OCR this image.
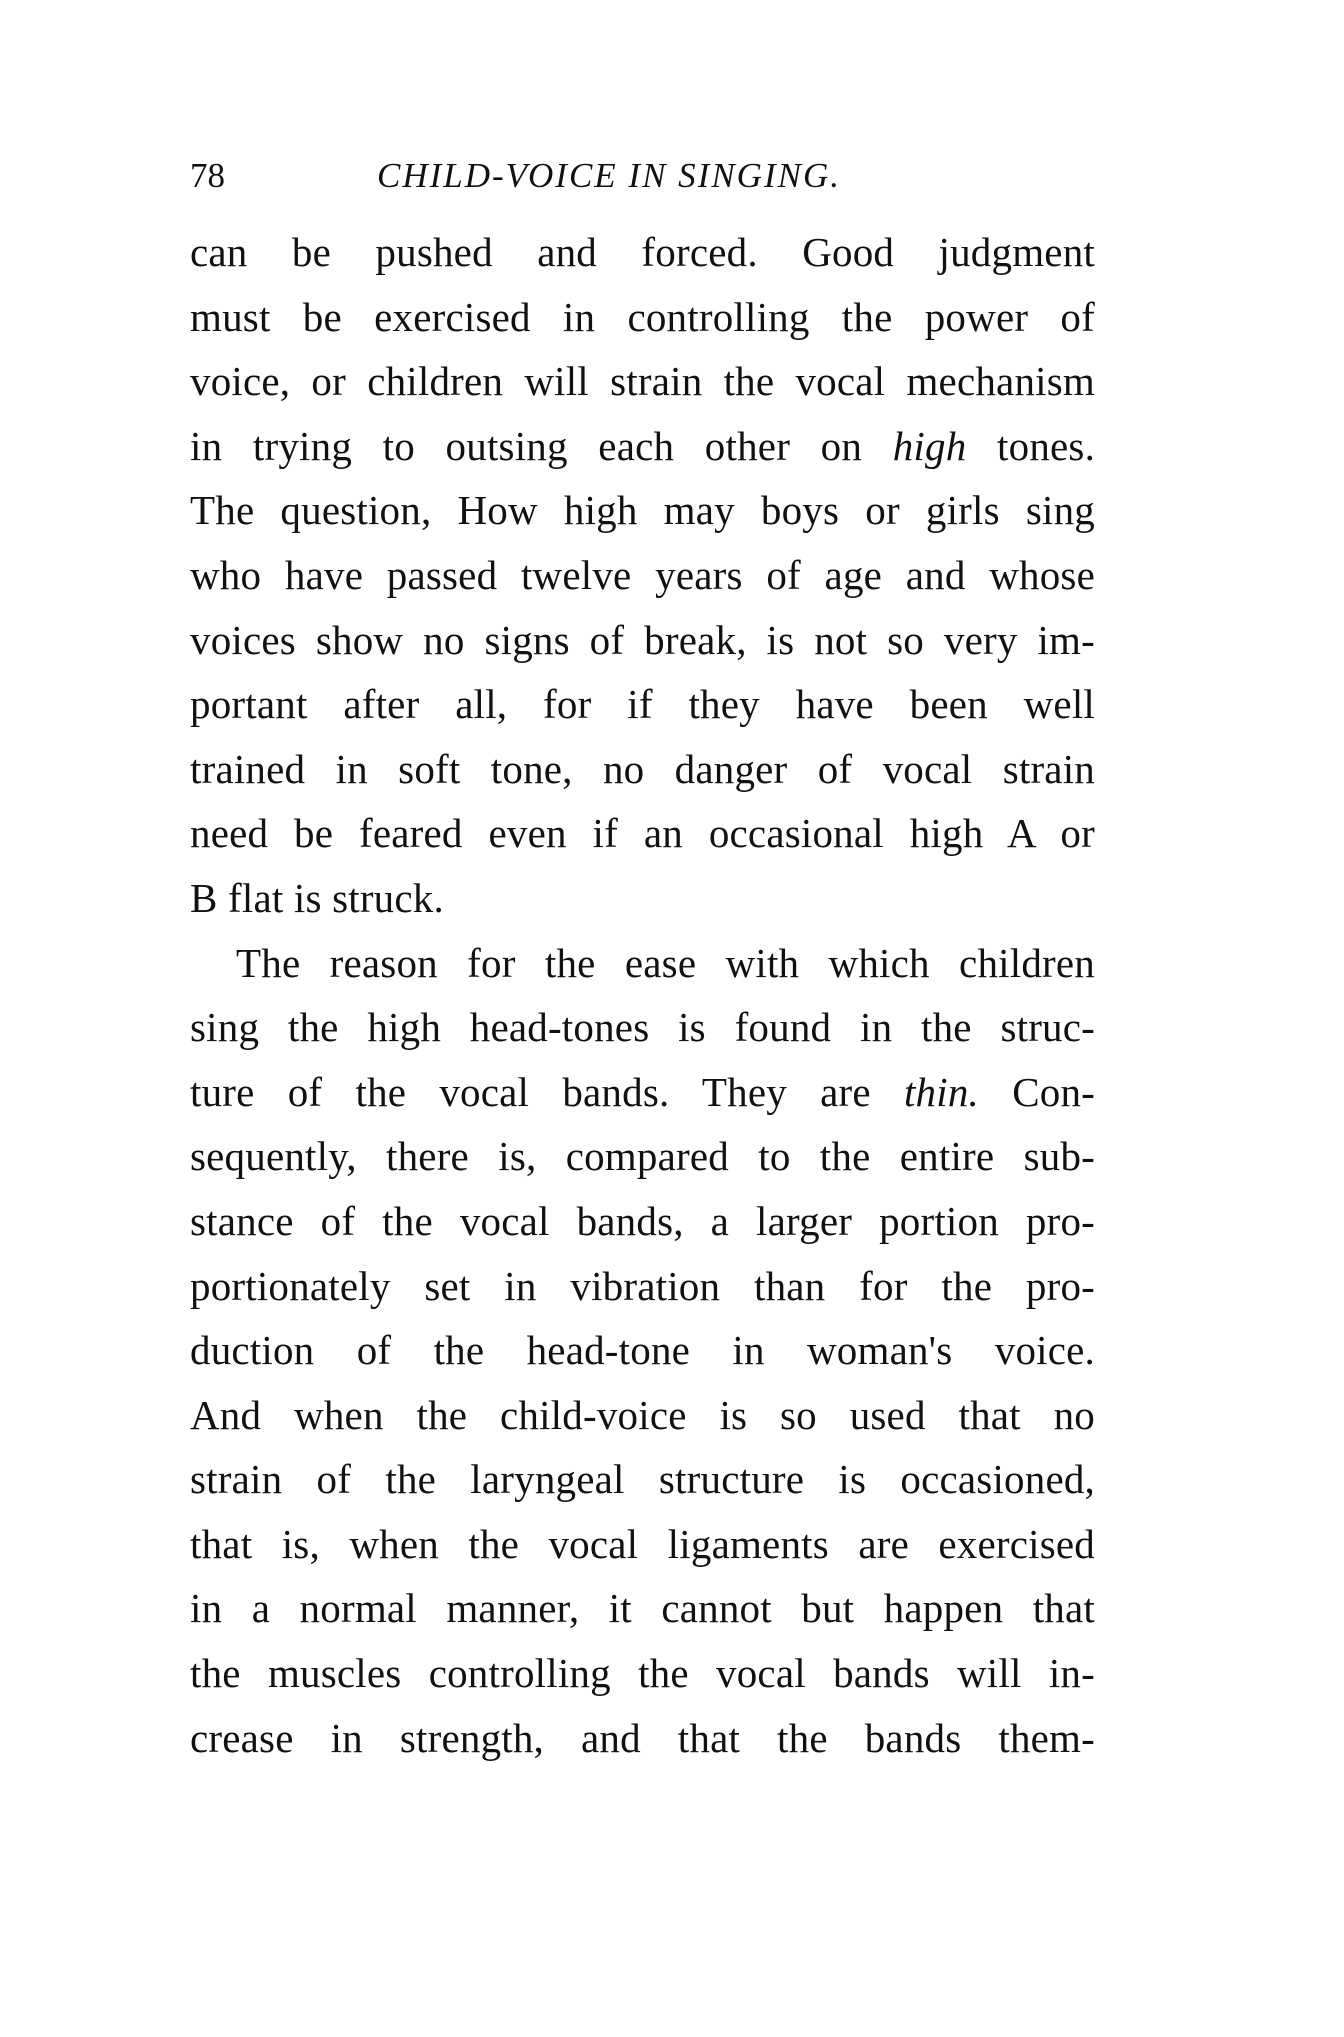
78	CHILD-VOICE IN SINGING.
can be pushed and forced. Good judgment
must be exercised in controlling the power of
voice, or children will strain the vocal mechanism
in trying to outsing each other on high tones.
The question, How high may boys or girls sing
who have passed twelve years of age and whose
voices show no signs of break, is not so very im-
portant after all, for if they have been well
trained in soft tone, no danger of vocal strain
need be feared even if an occasional high A or
B flat is struck.
The reason for the ease with which children
sing the high head-tones is found in the struc-
ture of the vocal bands. They are thin. Con-
sequently, there is, compared to the entire sub-
stance of the vocal bands, a larger portion pro-
portionately set in vibration than for the pro-
duction of the head-tone in woman's voice.
And when the child-voice is so used that no
strain of the laryngeal structure is occasioned,
that is, when the vocal ligaments are exercised
in a normal manner, it cannot but happen that
the muscles controlling the vocal bands will in-
crease in strength, and that the bands them-
